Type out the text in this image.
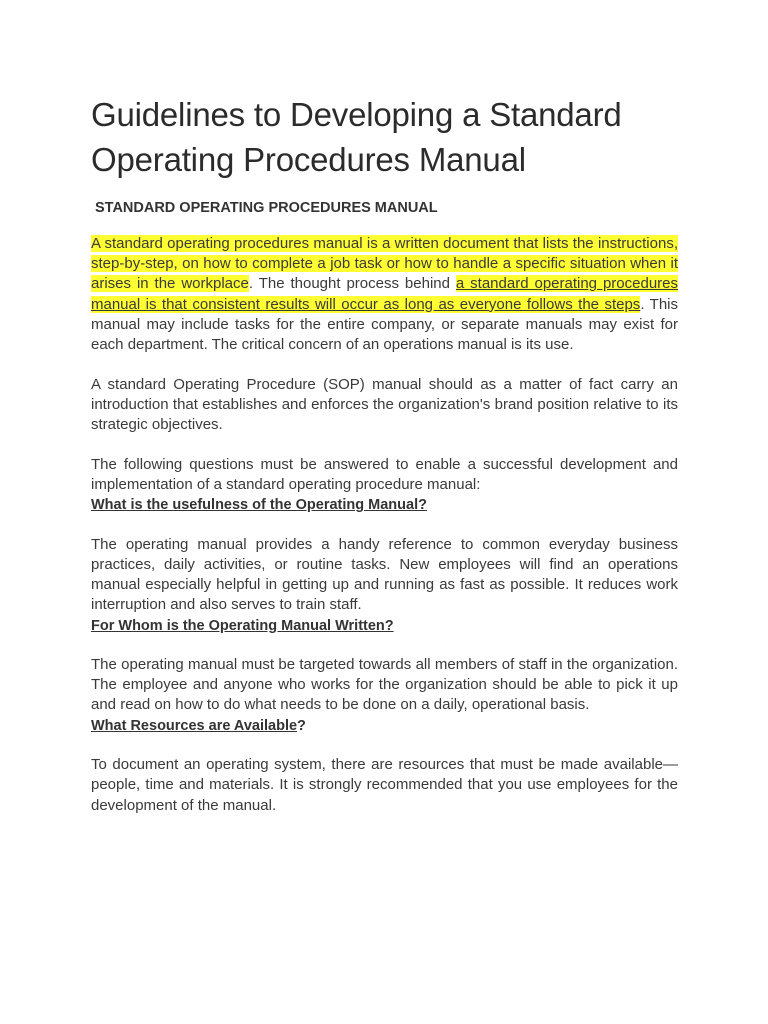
Guidelines to Developing a Standard Operating Procedures Manual
STANDARD OPERATING PROCEDURES MANUAL

A standard operating procedures manual is a written document that lists the instructions, step-by-step, on how to complete a job task or how to handle a specific situation when it arises in the workplace. The thought process behind a standard operating procedures manual is that consistent results will occur as long as everyone follows the steps. This manual may include tasks for the entire company, or separate manuals may exist for each department. The critical concern of an operations manual is its use.

A standard Operating Procedure (SOP) manual should as a matter of fact carry an introduction that establishes and enforces the organization's brand position relative to its strategic objectives.

The following questions must be answered to enable a successful development and implementation of a standard operating procedure manual:

What is the usefulness of the Operating Manual?

The operating manual provides a handy reference to common everyday business practices, daily activities, or routine tasks. New employees will find an operations manual especially helpful in getting up and running as fast as possible. It reduces work interruption and also serves to train staff.

For Whom is the Operating Manual Written?

The operating manual must be targeted towards all members of staff in the organization. The employee and anyone who works for the organization should be able to pick it up and read on how to do what needs to be done on a daily, operational basis.

What Resources are Available?

To document an operating system, there are resources that must be made available—people, time and materials. It is strongly recommended that you use employees for the development of the manual.
